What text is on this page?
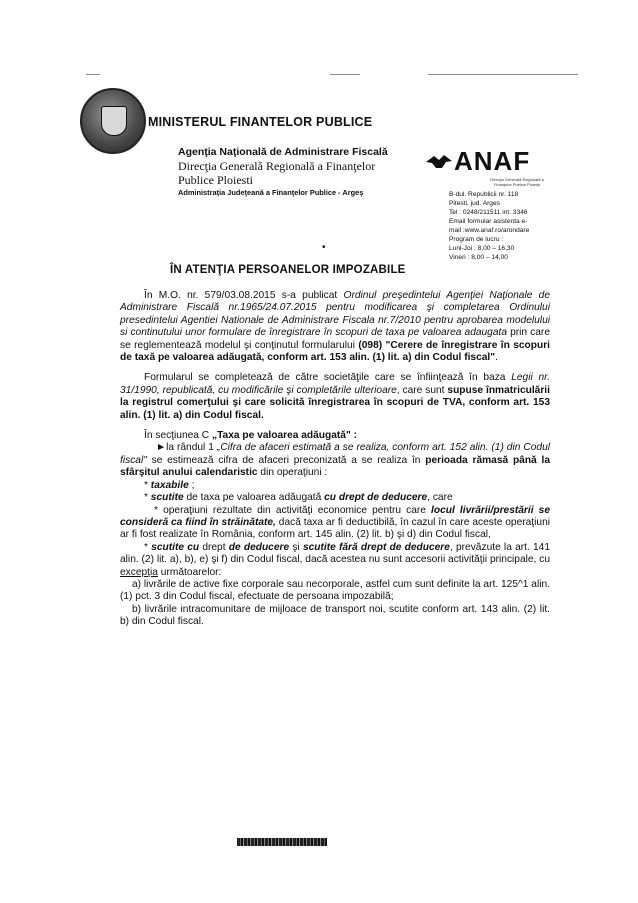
MINISTERUL FINANTELOR PUBLICE
Agenţia Naţională de Administrare Fiscală
Direcţia Generală Regională a Finanţelor Publice Ploiesti
Administraţia Judeţeană a Finanţelor Publice - Argeş
ANAF
Direcţia Generală Regională a Finanţelor Publice Ploieşti
B-dul. Republicii nr. 118
Pitesti, jud. Arges
Tel : 0248/211511 int. 3346
Email formular asistenta e-
mail :www.anaf.ro/arondare
Program de lucru :
Luni-Joi : 8,00 – 16,30
Vineri : 8,00 – 14,00
•
ÎN ATENŢIA PERSOANELOR IMPOZABILE

În M.O. nr. 579/03.08.2015 s-a publicat Ordinul preşedintelui Agenţiei Naţionale de Administrare Fiscală nr.1965/24.07.2015 pentru modificarea şi completarea Ordinului presedintelui Agentiei Nationale de Administrare Fiscala nr.7/2010 pentru aprobarea modelului si continutului unor formulare de înregistrare în scopuri de taxa pe valoarea adaugata prin care se reglementează modelul şi conţinutul formularului (098) "Cerere de înregistrare în scopuri de taxă pe valoarea adăugată, conform art. 153 alin. (1) lit. a) din Codul fiscal".

Formularul se completează de către societăţile care se înfiinţează în baza Legii nr. 31/1990, republicată, cu modificările şi completările ulterioare, care sunt supuse înmatriculării la registrul comerţului şi care solicită înregistrarea în scopuri de TVA, conform art. 153 alin. (1) lit. a) din Codul fiscal.

În secţiunea C „Taxa pe valoarea adăugată" :

►la rândul 1 „Cifra de afaceri estimată a se realiza, conform art. 152 alin. (1) din Codul fiscal" se estimează cifra de afaceri preconizată a se realiza în perioada rămasă până la sfârşitul anului calendaristic din operaţiuni :

* taxabile ;
* scutite de taxa pe valoarea adăugată cu drept de deducere, care
* operaţiuni rezultate din activităţi economice pentru care locul livrării/prestării se consideră ca fiind în străinătate, dacă taxa ar fi deductibilă, în cazul în care aceste operaţiuni ar fi fost realizate în România, conform art. 145 alin. (2) lit. b) şi d) din Codul fiscal,
* scutite cu drept de deducere şi scutite fără drept de deducere, prevăzute la art. 141 alin. (2) lit. a), b), e) şi f) din Codul fiscal, dacă acestea nu sunt accesorii activităţii principale, cu excepţia următoarelor:
a) livrările de active fixe corporale sau necorporale, astfel cum sunt definite la art. 125^1 alin. (1) pct. 3 din Codul fiscal, efectuate de persoana impozabilă;
b) livrările intracomunitare de mijloace de transport noi, scutite conform art. 143 alin. (2) lit. b) din Codul fiscal.
